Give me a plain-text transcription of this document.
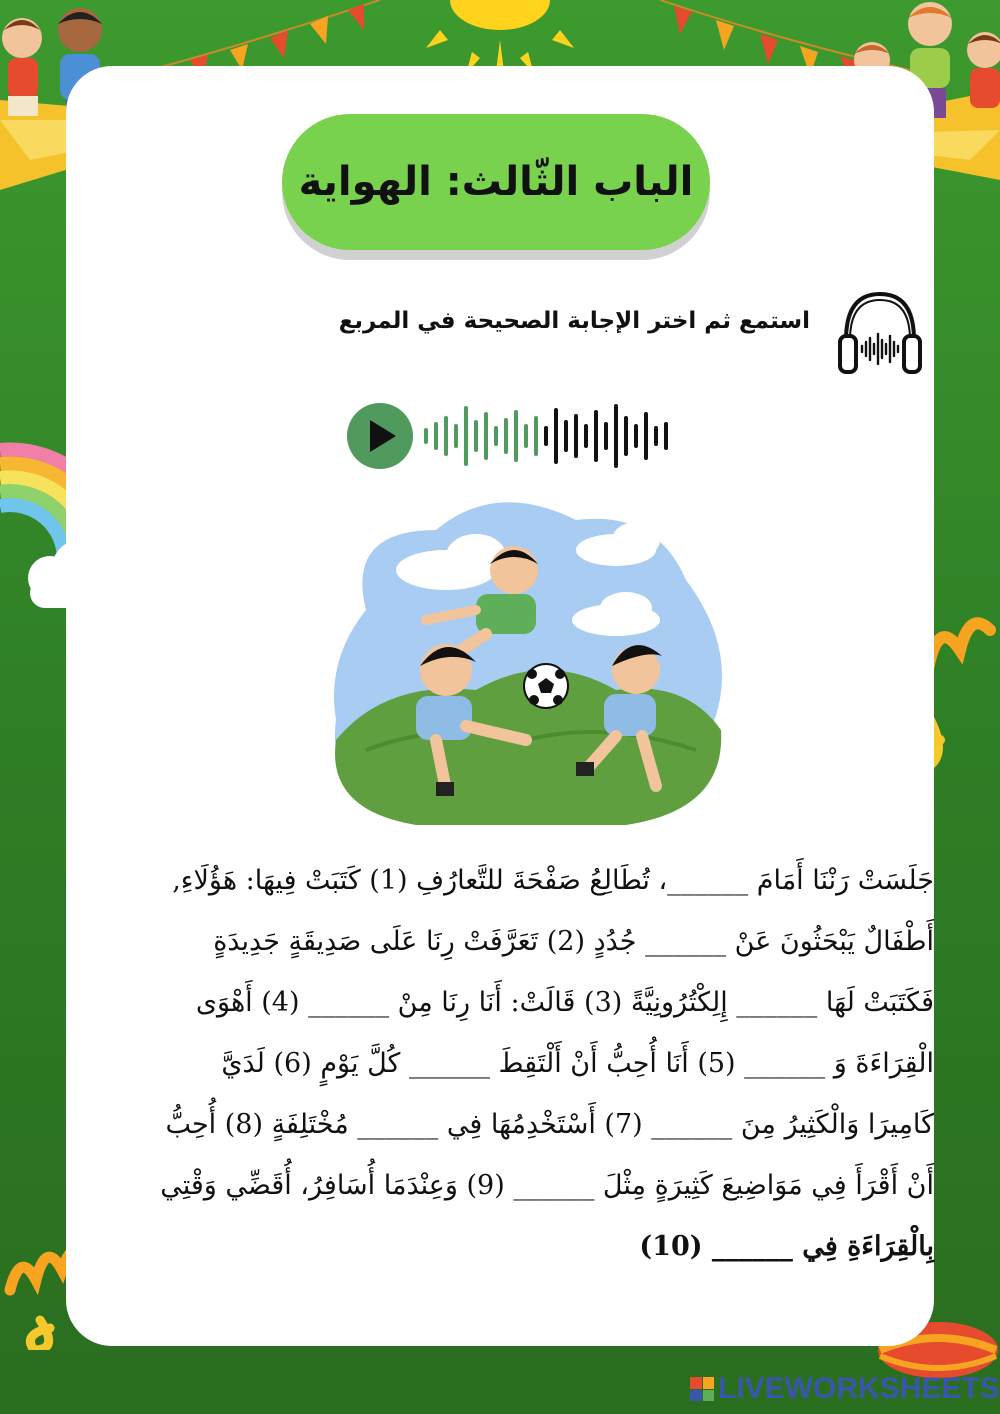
الباب الثّالث: الهواية
استمع ثم اختر الإجابة الصحيحة في المربع
جَلَسَتْ رَنْنَا أَمَامَ ______، تُطَالِعُ صَفْحَةَ للتَّعارُفِ (1) كَتَبَتْ فِيهَا: هَؤُلَاءِ,
أَطْفَالٌ يَبْحَثُونَ عَنْ ______ جُدُدٍ (2) تَعَرَّفَتْ رِنَا عَلَى صَدِيقَةٍ جَدِيدَةٍ
فَكَتَبَتْ لَهَا ______ إِلِكْتُرُونِيَّةً (3) قَالَتْ: أَنَا رِنَا مِنْ ______ (4) أَهْوَى
الْقِرَاءَةَ وَ ______ (5) أَنَا أُحِبُّ أَنْ أَلْتَقِطَ ______ كُلَّ يَوْمٍ (6) لَدَيَّ
كَامِيرَا وَالْكَثِيرُ مِنَ ______ (7) أَسْتَخْدِمُهَا فِي ______ مُخْتَلِفَةٍ (8) أُحِبُّ
أَنْ أَقْرَأَ فِي مَوَاضِيعَ كَثِيرَةٍ مِثْلَ ______ (9) وَعِنْدَمَا أُسَافِرُ، أُقَضِّي وَقْتِي
بِالْقِرَاءَةِ فِي ______ (10)
LIVEWORKSHEETS
